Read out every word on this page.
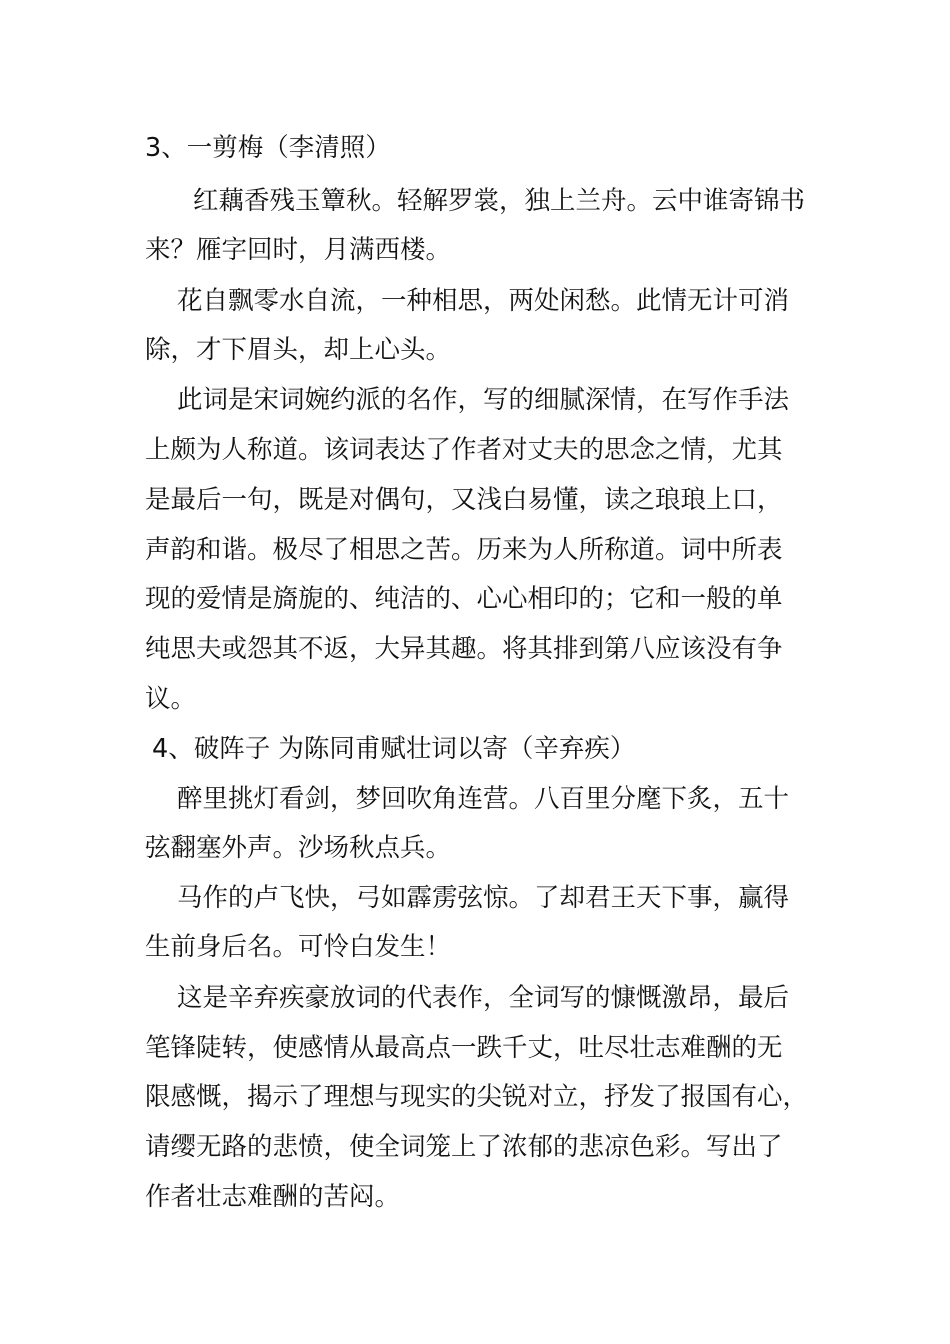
3、一剪梅（李清照）
红藕香残玉簟秋。轻解罗裳，独上兰舟。云中谁寄锦书
来？雁字回时，月满西楼。
花自飘零水自流，一种相思，两处闲愁。此情无计可消
除，才下眉头，却上心头。
此词是宋词婉约派的名作，写的细腻深情，在写作手法
上颇为人称道。该词表达了作者对丈夫的思念之情，尤其
是最后一句，既是对偶句，又浅白易懂，读之琅琅上口，
声韵和谐。极尽了相思之苦。历来为人所称道。词中所表
现的爱情是旖旎的、纯洁的、心心相印的；它和一般的单
纯思夫或怨其不返，大异其趣。将其排到第八应该没有争
议。
4、破阵子 为陈同甫赋壮词以寄（辛弃疾）
醉里挑灯看剑，梦回吹角连营。八百里分麾下炙，五十
弦翻塞外声。沙场秋点兵。
马作的卢飞快，弓如霹雳弦惊。了却君王天下事，赢得
生前身后名。可怜白发生！
这是辛弃疾豪放词的代表作，全词写的慷慨激昂，最后
笔锋陡转，使感情从最高点一跌千丈，吐尽壮志难酬的无
限感慨，揭示了理想与现实的尖锐对立，抒发了报国有心，
请缨无路的悲愤，使全词笼上了浓郁的悲凉色彩。写出了
作者壮志难酬的苦闷。
